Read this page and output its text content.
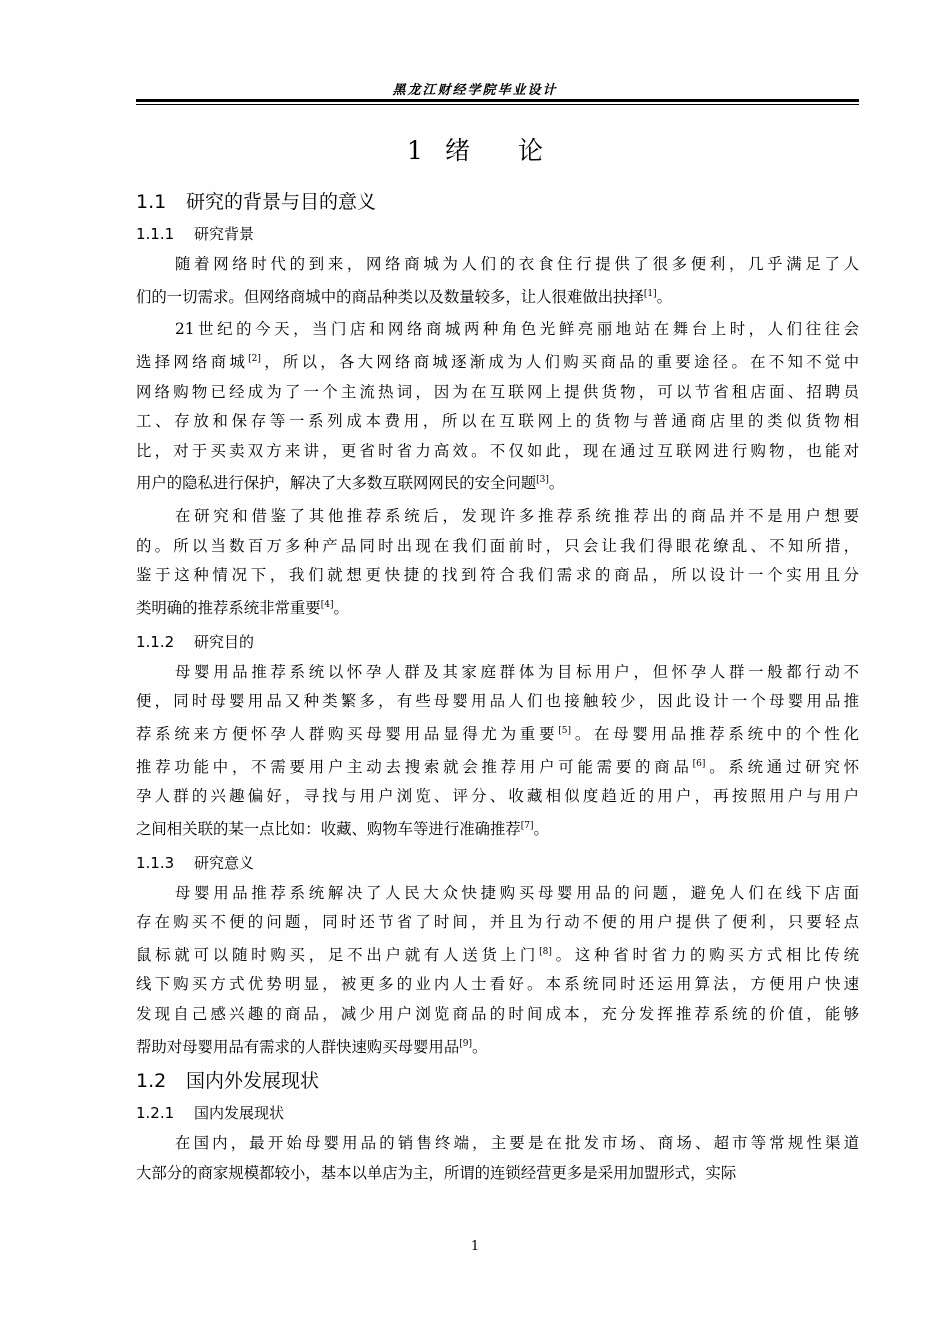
黑龙江财经学院毕业设计
1 绪 论
1.1 研究的背景与目的意义
1.1.1 研究背景
随着网络时代的到来，网络商城为人们的衣食住行提供了很多便利，几乎满足了人
们的一切需求。但网络商城中的商品种类以及数量较多，让人很难做出抉择[1]。
21世纪的今天，当门店和网络商城两种角色光鲜亮丽地站在舞台上时，人们往往会
选择网络商城[2]，所以，各大网络商城逐渐成为人们购买商品的重要途径。在不知不觉中
网络购物已经成为了一个主流热词，因为在互联网上提供货物，可以节省租店面、招聘员
工、存放和保存等一系列成本费用，所以在互联网上的货物与普通商店里的类似货物相
比，对于买卖双方来讲，更省时省力高效。不仅如此，现在通过互联网进行购物，也能对
用户的隐私进行保护，解决了大多数互联网网民的安全问题[3]。
在研究和借鉴了其他推荐系统后，发现许多推荐系统推荐出的商品并不是用户想要
的。所以当数百万多种产品同时出现在我们面前时，只会让我们得眼花缭乱、不知所措，
鉴于这种情况下，我们就想更快捷的找到符合我们需求的商品，所以设计一个实用且分
类明确的推荐系统非常重要[4]。
1.1.2 研究目的
母婴用品推荐系统以怀孕人群及其家庭群体为目标用户，但怀孕人群一般都行动不
便，同时母婴用品又种类繁多，有些母婴用品人们也接触较少，因此设计一个母婴用品推
荐系统来方便怀孕人群购买母婴用品显得尤为重要[5]。在母婴用品推荐系统中的个性化
推荐功能中，不需要用户主动去搜索就会推荐用户可能需要的商品[6]。系统通过研究怀
孕人群的兴趣偏好，寻找与用户浏览、评分、收藏相似度趋近的用户，再按照用户与用户
之间相关联的某一点比如：收藏、购物车等进行准确推荐[7]。
1.1.3 研究意义
母婴用品推荐系统解决了人民大众快捷购买母婴用品的问题，避免人们在线下店面
存在购买不便的问题，同时还节省了时间，并且为行动不便的用户提供了便利，只要轻点
鼠标就可以随时购买，足不出户就有人送货上门[8]。这种省时省力的购买方式相比传统
线下购买方式优势明显，被更多的业内人士看好。本系统同时还运用算法，方便用户快速
发现自己感兴趣的商品，减少用户浏览商品的时间成本，充分发挥推荐系统的价值，能够
帮助对母婴用品有需求的人群快速购买母婴用品[9]。
1.2 国内外发展现状
1.2.1 国内发展现状
在国内，最开始母婴用品的销售终端，主要是在批发市场、商场、超市等常规性渠道
大部分的商家规模都较小，基本以单店为主，所谓的连锁经营更多是采用加盟形式，实际
1
